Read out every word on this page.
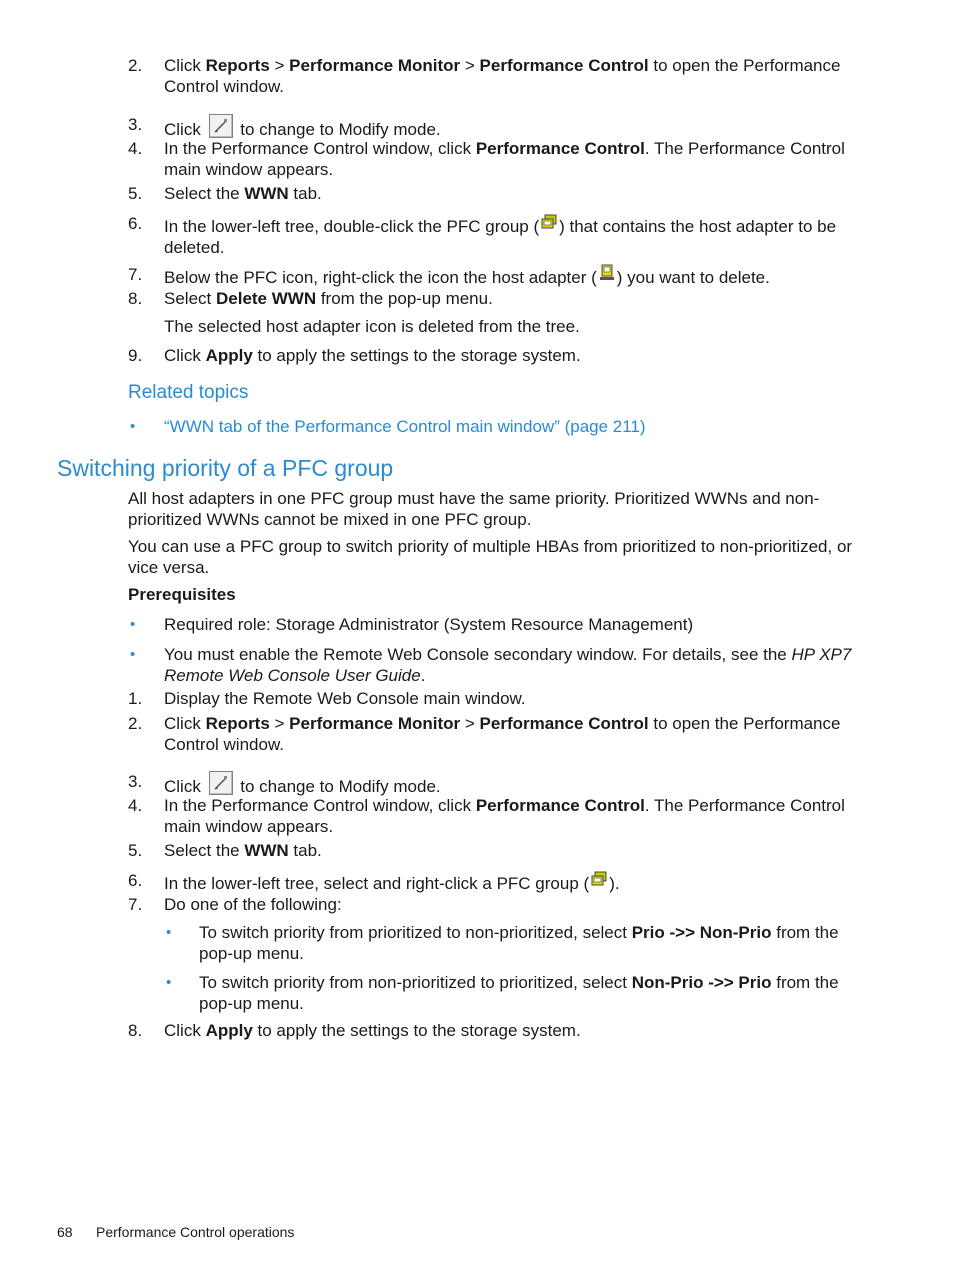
2. Click Reports > Performance Monitor > Performance Control to open the Performance Control window.
3. Click
to change to Modify mode.
4. In the Performance Control window, click Performance Control. The Performance Control main window appears.
5. Select the WWN tab.
6. In the lower-left tree, double-click the PFC group ( ) that contains the host adapter to be deleted.
7. Below the PFC icon, right-click the icon the host adapter ( ) you want to delete.
8. Select Delete WWN from the pop-up menu.
The selected host adapter icon is deleted from the tree.
9. Click Apply to apply the settings to the storage system.
Related topics
• “WWN tab of the Performance Control main window” (page 211)
Switching priority of a PFC group
All host adapters in one PFC group must have the same priority. Prioritized WWNs and non-prioritized WWNs cannot be mixed in one PFC group.
You can use a PFC group to switch priority of multiple HBAs from prioritized to non-prioritized, or vice versa.
Prerequisites
• Required role: Storage Administrator (System Resource Management)
• You must enable the Remote Web Console secondary window. For details, see the HP XP7 Remote Web Console User Guide.
1. Display the Remote Web Console main window.
2. Click Reports > Performance Monitor > Performance Control to open the Performance Control window.
3. Click
to change to Modify mode.
4. In the Performance Control window, click Performance Control. The Performance Control main window appears.
5. Select the WWN tab.
6. In the lower-left tree, select and right-click a PFC group ( ).
7. Do one of the following:
• To switch priority from prioritized to non-prioritized, select Prio ->> Non-Prio from the pop-up menu.
• To switch priority from non-prioritized to prioritized, select Non-Prio ->> Prio from the pop-up menu.
8. Click Apply to apply the settings to the storage system.
68 Performance Control operations
